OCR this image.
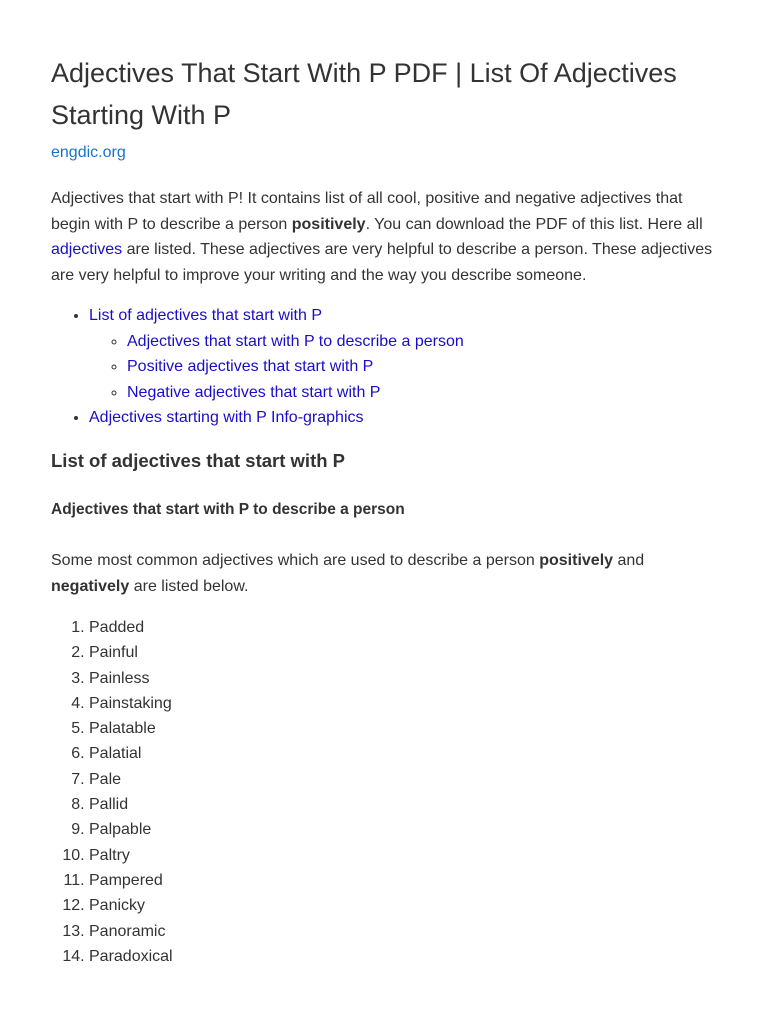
Adjectives That Start With P PDF | List Of Adjectives Starting With P
engdic.org

Adjectives that start with P! It contains list of all cool, positive and negative adjectives that begin with P to describe a person positively. You can download the PDF of this list. Here all adjectives are listed. These adjectives are very helpful to describe a person. These adjectives are very helpful to improve your writing and the way you describe someone.

• List of adjectives that start with P
◦ Adjectives that start with P to describe a person
◦ Positive adjectives that start with P
◦ Negative adjectives that start with P
• Adjectives starting with P Info-graphics
List of adjectives that start with P
Adjectives that start with P to describe a person

Some most common adjectives which are used to describe a person positively and negatively are listed below.

1. Padded
2. Painful
3. Painless
4. Painstaking
5. Palatable
6. Palatial
7. Pale
8. Pallid
9. Palpable
10. Paltry
11. Pampered
12. Panicky
13. Panoramic
14. Paradoxical
